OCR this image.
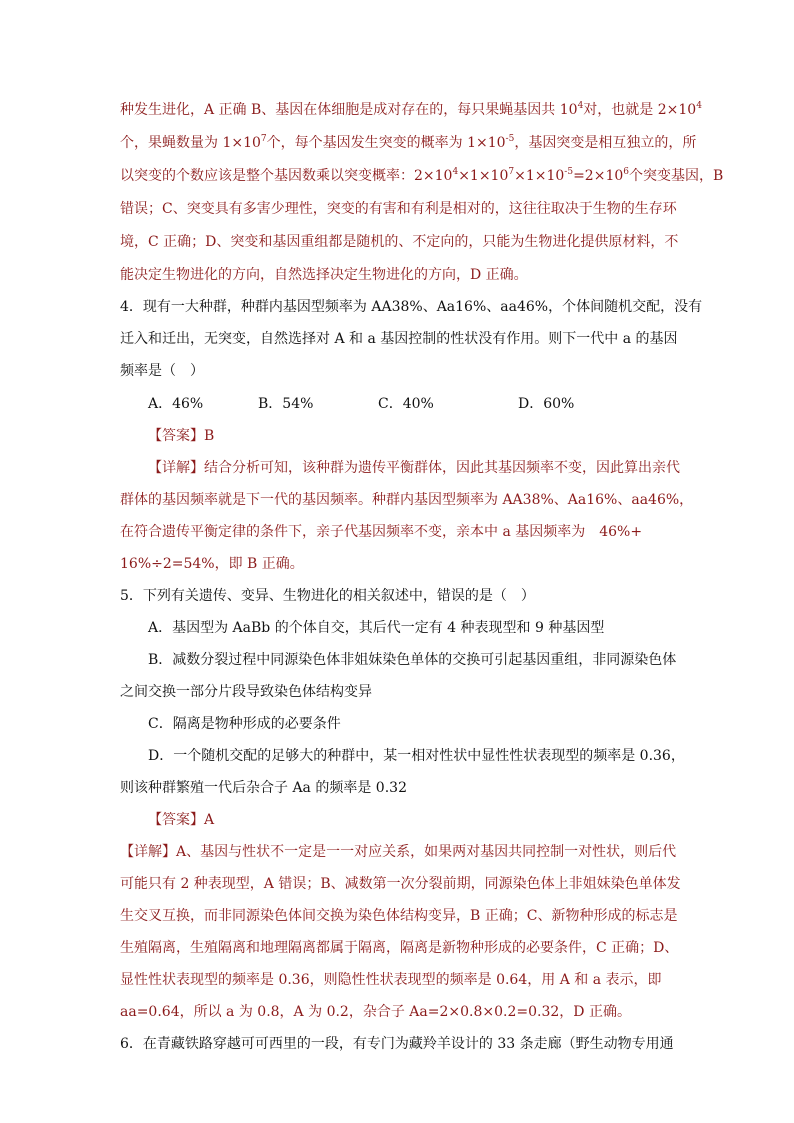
种发生进化，A 正确 B、基因在体细胞是成对存在的，每只果蝇基因共 $10^4$对，也就是 $2\times 10^4$
个，果蝇数量为 $1\times 10^7$个，每个基因发生突变的概率为 $1\times 10^{-5}$，基因突变是相互独立的，所
以突变的个数应该是整个基因数乘以突变概率：$2\times 10^4\times 1\times 10^7\times 1\times 10^{-5}=2\times 10^6$个突变基因，B
错误；C、突变具有多害少理性，突变的有害和有利是相对的，这往往取决于生物的生存环
境，C 正确；D、突变和基因重组都是随机的、不定向的，只能为生物进化提供原材料，不
能决定生物进化的方向，自然选择决定生物进化的方向，D 正确。
4．现有一大种群，种群内基因型频率为 AA38%、Aa16%、aa46%，个体间随机交配，没有
迁入和迁出，无突变，自然选择对 A 和 a 基因控制的性状没有作用。则下一代中 a 的基因
频率是（　）
A．46%	B．54%	C．40%	D．60%
【答案】B
【详解】结合分析可知，该种群为遗传平衡群体，因此其基因频率不变，因此算出亲代
群体的基因频率就是下一代的基因频率。种群内基因型频率为 AA38%、Aa16%、aa46%，
在符合遗传平衡定律的条件下，亲子代基因频率不变，亲本中 a 基因频率为　46%+
16%÷2=54%，即 B 正确。
5．下列有关遗传、变异、生物进化的相关叙述中，错误的是（　）
A．基因型为 AaBb 的个体自交，其后代一定有 4 种表现型和 9 种基因型
B．减数分裂过程中同源染色体非姐妹染色单体的交换可引起基因重组，非同源染色体
之间交换一部分片段导致染色体结构变异
C．隔离是物种形成的必要条件
D．一个随机交配的足够大的种群中，某一相对性状中显性性状表现型的频率是 0.36，
则该种群繁殖一代后杂合子 Aa 的频率是 0.32
【答案】A
【详解】A、基因与性状不一定是一一对应关系，如果两对基因共同控制一对性状，则后代
可能只有 2 种表现型，A 错误；B、减数第一次分裂前期，同源染色体上非姐妹染色单体发
生交叉互换，而非同源染色体间交换为染色体结构变异，B 正确；C、新物种形成的标志是
生殖隔离，生殖隔离和地理隔离都属于隔离，隔离是新物种形成的必要条件，C 正确；D、
显性性状表现型的频率是 0.36，则隐性性状表现型的频率是 0.64，用 A 和 a 表示，即
aa=0.64，所以 a 为 0.8，A 为 0.2，杂合子 Aa=2×0.8×0.2=0.32，D 正确。
6．在青藏铁路穿越可可西里的一段，有专门为藏羚羊设计的 33 条走廊（野生动物专用通
